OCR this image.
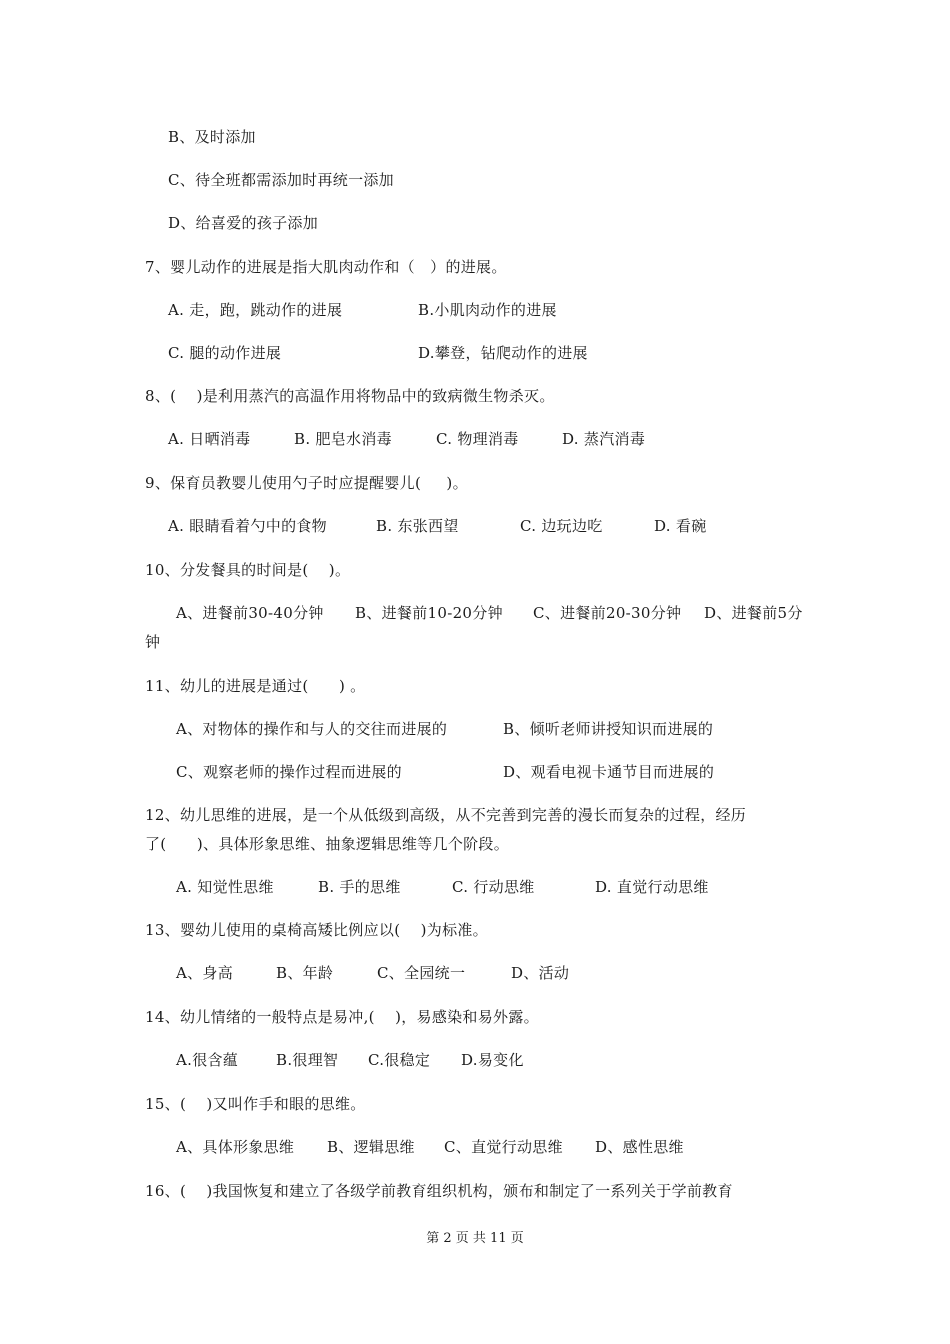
B、及时添加
C、待全班都需添加时再统一添加
D、给喜爱的孩子添加
7、婴儿动作的进展是指大肌肉动作和（   ）的进展。
A. 走，跑，跳动作的进展	B.小肌肉动作的进展
C. 腿的动作进展	D.攀登，钻爬动作的进展
8、(    )是利用蒸汽的高温作用将物品中的致病微生物杀灭。
A. 日晒消毒	B. 肥皂水消毒	C. 物理消毒	D. 蒸汽消毒
9、保育员教婴儿使用勺子时应提醒婴儿(     )。
A. 眼睛看着勺中的食物	B. 东张西望	C. 边玩边吃	D. 看碗
10、分发餐具的时间是(    )。
A、进餐前30-40分钟 B、进餐前10-20分钟 C、进餐前20-30分钟 D、进餐前5分
钟
11、幼儿的进展是通过(      ) 。
A、对物体的操作和与人的交往而进展的	B、倾听老师讲授知识而进展的
C、观察老师的操作过程而进展的	D、观看电视卡通节目而进展的
12、幼儿思维的进展，是一个从低级到高级，从不完善到完善的漫长而复杂的过程，经历
了(      )、具体形象思维、抽象逻辑思维等几个阶段。
A. 知觉性思维	B. 手的思维	C. 行动思维	D. 直觉行动思维
13、婴幼儿使用的桌椅高矮比例应以(    )为标准。
A、身高	B、年龄	C、全园统一	D、活动
14、幼儿情绪的一般特点是易冲,(    )，易感染和易外露。
A.很含蕴	B.很理智 C.很稳定 D.易变化
15、(    )又叫作手和眼的思维。
A、具体形象思维 B、逻辑思维 C、直觉行动思维 D、感性思维
16、(    )我国恢复和建立了各级学前教育组织机构，颁布和制定了一系列关于学前教育
第 2 页 共 11 页
